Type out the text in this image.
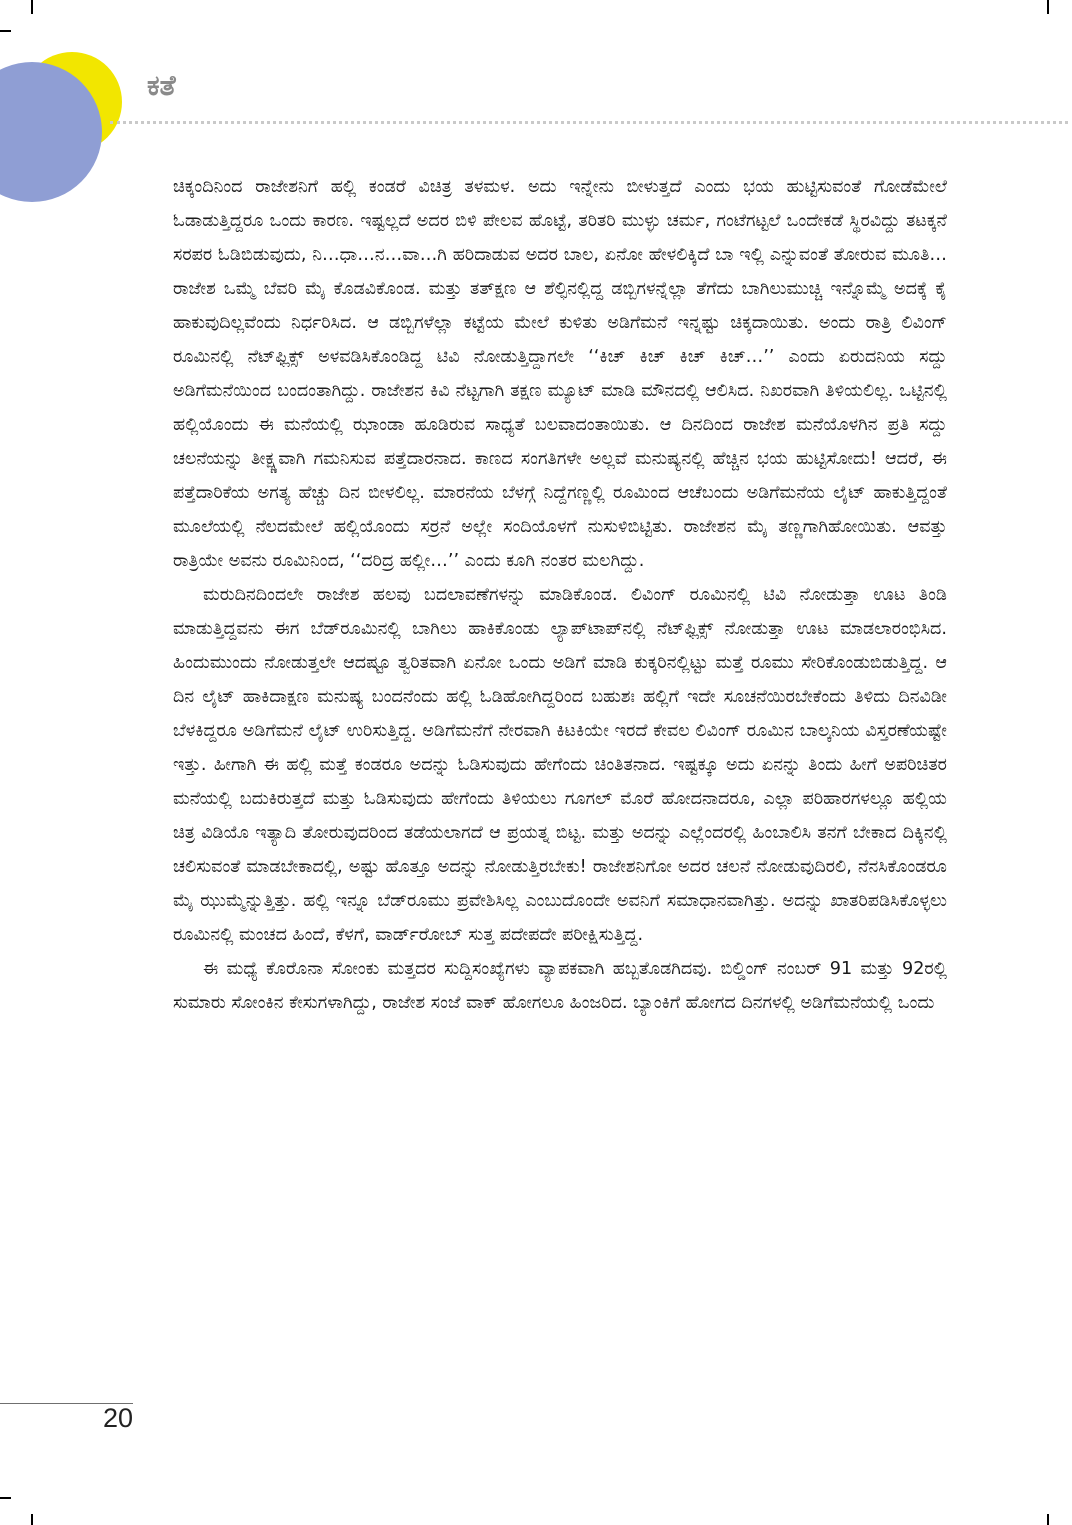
ಕತೆ

ಚಿಕ್ಕಂದಿನಿಂದ ರಾಜೇಶನಿಗೆ ಹಲ್ಲಿ ಕಂಡರೆ ವಿಚಿತ್ರ ತಳಮಳ. ಅದು ಇನ್ನೇನು ಬೀಳುತ್ತದೆ ಎಂದು ಭಯ ಹುಟ್ಟಿಸುವಂತೆ ಗೋಡೆಮೇಲೆ ಓಡಾಡುತ್ತಿದ್ದರೂ ಒಂದು ಕಾರಣ. ಇಷ್ಟಲ್ಲದೆ ಅದರ ಬಿಳಿ ಪೇಲವ ಹೊಟ್ಟೆ, ತರಿತರಿ ಮುಳ್ಳು ಚರ್ಮ, ಗಂಟೆಗಟ್ಟಲೆ ಒಂದೇಕಡೆ ಸ್ಥಿರವಿದ್ದು ತಟಕ್ಕನೆ ಸರಪರ ಓಡಿಬಿಡುವುದು, ನಿ…ಧಾ…ನ…ವಾ…ಗಿ ಹರಿದಾಡುವ ಅದರ ಬಾಲ, ಏನೋ ಹೇಳಲಿಕ್ಕಿದೆ ಬಾ ಇಲ್ಲಿ ಎನ್ನುವಂತೆ ತೋರುವ ಮೂತಿ… ರಾಜೇಶ ಒಮ್ಮೆ ಬೆವರಿ ಮೈ ಕೊಡವಿಕೊಂಡ. ಮತ್ತು ತತ್‌ಕ್ಷಣ ಆ ಶೆಲ್ಫಿನಲ್ಲಿದ್ದ ಡಬ್ಬಿಗಳನ್ನೆಲ್ಲಾ ತೆಗೆದು ಬಾಗಿಲುಮುಚ್ಚಿ ಇನ್ನೊಮ್ಮೆ ಅದಕ್ಕೆ ಕೈ ಹಾಕುವುದಿಲ್ಲವೆಂದು ನಿರ್ಧರಿಸಿದ. ಆ ಡಬ್ಬಿಗಳೆಲ್ಲಾ ಕಟ್ಟೆಯ ಮೇಲೆ ಕುಳಿತು ಅಡಿಗೆಮನೆ ಇನ್ನಷ್ಟು ಚಿಕ್ಕದಾಯಿತು. ಅಂದು ರಾತ್ರಿ ಲಿವಿಂಗ್ ರೂಮಿನಲ್ಲಿ ನೆಟ್‌ಫ್ಲಿಕ್ಸ್ ಅಳವಡಿಸಿಕೊಂಡಿದ್ದ ಟಿವಿ ನೋಡುತ್ತಿದ್ದಾಗಲೇ ‘‘ಕಿಚ್ ಕಿಚ್ ಕಿಚ್ ಕಿಚ್…’’ ಎಂದು ಏರುದನಿಯ ಸದ್ದು ಅಡಿಗೆಮನೆಯಿಂದ ಬಂದಂತಾಗಿದ್ದು. ರಾಜೇಶನ ಕಿವಿ ನೆಟ್ಟಗಾಗಿ ತಕ್ಷಣ ಮ್ಯೂಟ್ ಮಾಡಿ ಮೌನದಲ್ಲಿ ಆಲಿಸಿದ. ನಿಖರವಾಗಿ ತಿಳಿಯಲಿಲ್ಲ. ಒಟ್ಟಿನಲ್ಲಿ ಹಲ್ಲಿಯೊಂದು ಈ ಮನೆಯಲ್ಲಿ ಝಾಂಡಾ ಹೂಡಿರುವ ಸಾಧ್ಯತೆ ಬಲವಾದಂತಾಯಿತು. ಆ ದಿನದಿಂದ ರಾಜೇಶ ಮನೆಯೊಳಗಿನ ಪ್ರತಿ ಸದ್ದು ಚಲನೆಯನ್ನು ತೀಕ್ಷ್ಣವಾಗಿ ಗಮನಿಸುವ ಪತ್ತೆದಾರನಾದ. ಕಾಣದ ಸಂಗತಿಗಳೇ ಅಲ್ಲವೆ ಮನುಷ್ಯನಲ್ಲಿ ಹೆಚ್ಚಿನ ಭಯ ಹುಟ್ಟಿಸೋದು! ಆದರೆ, ಈ ಪತ್ತೆದಾರಿಕೆಯ ಅಗತ್ಯ ಹೆಚ್ಚು ದಿನ ಬೀಳಲಿಲ್ಲ. ಮಾರನೆಯ ಬೆಳಗ್ಗೆ ನಿದ್ದೆಗಣ್ಣಲ್ಲಿ ರೂಮಿಂದ ಆಚೆಬಂದು ಅಡಿಗೆಮನೆಯ ಲೈಟ್ ಹಾಕುತ್ತಿದ್ದಂತೆ ಮೂಲೆಯಲ್ಲಿ ನೆಲದಮೇಲೆ ಹಲ್ಲಿಯೊಂದು ಸರ್ರನೆ ಅಲ್ಲೇ ಸಂದಿಯೊಳಗೆ ನುಸುಳಿಬಿಟ್ಟಿತು. ರಾಜೇಶನ ಮೈ ತಣ್ಣಗಾಗಿಹೋಯಿತು. ಆವತ್ತು ರಾತ್ರಿಯೇ ಅವನು ರೂಮಿನಿಂದ, ‘‘ದರಿದ್ರ ಹಲ್ಲೀ…’’ ಎಂದು ಕೂಗಿ ನಂತರ ಮಲಗಿದ್ದು.

ಮರುದಿನದಿಂದಲೇ ರಾಜೇಶ ಹಲವು ಬದಲಾವಣೆಗಳನ್ನು ಮಾಡಿಕೊಂಡ. ಲಿವಿಂಗ್ ರೂಮಿನಲ್ಲಿ ಟಿವಿ ನೋಡುತ್ತಾ ಊಟ ತಿಂಡಿ ಮಾಡುತ್ತಿದ್ದವನು ಈಗ ಬೆಡ್‌ರೂಮಿನಲ್ಲಿ ಬಾಗಿಲು ಹಾಕಿಕೊಂಡು ಲ್ಯಾಪ್‌ಟಾಪ್‌ನಲ್ಲಿ ನೆಟ್‌ಫ್ಲಿಕ್ಸ್ ನೋಡುತ್ತಾ ಊಟ ಮಾಡಲಾರಂಭಿಸಿದ. ಹಿಂದುಮುಂದು ನೋಡುತ್ತಲೇ ಆದಷ್ಟೂ ತ್ವರಿತವಾಗಿ ಏನೋ ಒಂದು ಅಡಿಗೆ ಮಾಡಿ ಕುಕ್ಕರಿನಲ್ಲಿಟ್ಟು ಮತ್ತೆ ರೂಮು ಸೇರಿಕೊಂಡುಬಿಡುತ್ತಿದ್ದ. ಆ ದಿನ ಲೈಟ್ ಹಾಕಿದಾಕ್ಷಣ ಮನುಷ್ಯ ಬಂದನೆಂದು ಹಲ್ಲಿ ಓಡಿಹೋಗಿದ್ದರಿಂದ ಬಹುಶಃ ಹಲ್ಲಿಗೆ ಇದೇ ಸೂಚನೆಯಿರಬೇಕೆಂದು ತಿಳಿದು ದಿನವಿಡೀ ಬೆಳಕಿದ್ದರೂ ಅಡಿಗೆಮನೆ ಲೈಟ್ ಉರಿಸುತ್ತಿದ್ದ. ಅಡಿಗೆಮನೆಗೆ ನೇರವಾಗಿ ಕಿಟಕಿಯೇ ಇರದೆ ಕೇವಲ ಲಿವಿಂಗ್ ರೂಮಿನ ಬಾಲ್ಕನಿಯ ವಿಸ್ತರಣೆಯಷ್ಟೇ ಇತ್ತು. ಹೀಗಾಗಿ ಈ ಹಲ್ಲಿ ಮತ್ತೆ ಕಂಡರೂ ಅದನ್ನು ಓಡಿಸುವುದು ಹೇಗೆಂದು ಚಿಂತಿತನಾದ. ಇಷ್ಟಕ್ಕೂ ಅದು ಏನನ್ನು ತಿಂದು ಹೀಗೆ ಅಪರಿಚಿತರ ಮನೆಯಲ್ಲಿ ಬದುಕಿರುತ್ತದೆ ಮತ್ತು ಓಡಿಸುವುದು ಹೇಗೆಂದು ತಿಳಿಯಲು ಗೂಗಲ್ ಮೊರೆ ಹೋದನಾದರೂ, ಎಲ್ಲಾ ಪರಿಹಾರಗಳಲ್ಲೂ ಹಲ್ಲಿಯ ಚಿತ್ರ ವಿಡಿಯೊ ಇತ್ಯಾದಿ ತೋರುವುದರಿಂದ ತಡೆಯಲಾಗದೆ ಆ ಪ್ರಯತ್ನ ಬಿಟ್ಟ. ಮತ್ತು ಅದನ್ನು ಎಲ್ಲೆಂದರಲ್ಲಿ ಹಿಂಬಾಲಿಸಿ ತನಗೆ ಬೇಕಾದ ದಿಕ್ಕಿನಲ್ಲಿ ಚಲಿಸುವಂತೆ ಮಾಡಬೇಕಾದಲ್ಲಿ, ಅಷ್ಟು ಹೊತ್ತೂ ಅದನ್ನು ನೋಡುತ್ತಿರಬೇಕು! ರಾಜೇಶನಿಗೋ ಅದರ ಚಲನೆ ನೋಡುವುದಿರಲಿ, ನೆನಸಿಕೊಂಡರೂ ಮೈ ಝುಮ್ಮೆನ್ನುತ್ತಿತ್ತು. ಹಲ್ಲಿ ಇನ್ನೂ ಬೆಡ್‌ರೂಮು ಪ್ರವೇಶಿಸಿಲ್ಲ ಎಂಬುದೊಂದೇ ಅವನಿಗೆ ಸಮಾಧಾನವಾಗಿತ್ತು. ಅದನ್ನು ಖಾತರಿಪಡಿಸಿಕೊಳ್ಳಲು ರೂಮಿನಲ್ಲಿ ಮಂಚದ ಹಿಂದೆ, ಕೆಳಗೆ, ವಾರ್ಡ್‌ರೋಬ್ ಸುತ್ತ ಪದೇಪದೇ ಪರೀಕ್ಷಿಸುತ್ತಿದ್ದ.

ಈ ಮಧ್ಯೆ ಕೊರೊನಾ ಸೋಂಕು ಮತ್ತದರ ಸುದ್ದಿಸಂಖ್ಯೆಗಳು ವ್ಯಾಪಕವಾಗಿ ಹಬ್ಬತೊಡಗಿದವು. ಬಿಲ್ಡಿಂಗ್ ನಂಬರ್ 91 ಮತ್ತು 92ರಲ್ಲಿ ಸುಮಾರು ಸೋಂಕಿನ ಕೇಸುಗಳಾಗಿದ್ದು, ರಾಜೇಶ ಸಂಜೆ ವಾಕ್ ಹೋಗಲೂ ಹಿಂಜರಿದ. ಬ್ಯಾಂಕಿಗೆ ಹೋಗದ ದಿನಗಳಲ್ಲಿ ಅಡಿಗೆಮನೆಯಲ್ಲಿ ಒಂದು

20
